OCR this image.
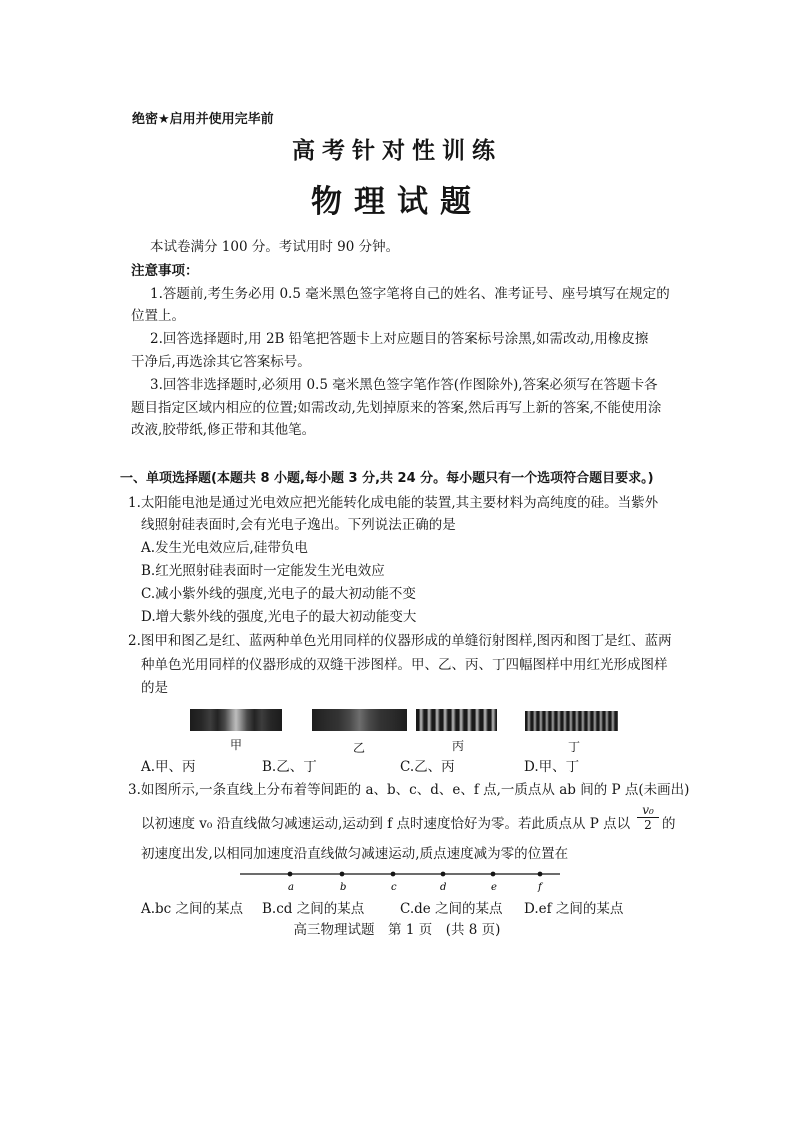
绝密★启用并使用完毕前
高考针对性训练
物理试题
本试卷满分 100 分。考试用时 90 分钟。
注意事项：
1.答题前,考生务必用 0.5 毫米黑色签字笔将自己的姓名、准考证号、座号填写在规定的
位置上。
2.回答选择题时,用 2B 铅笔把答题卡上对应题目的答案标号涂黑,如需改动,用橡皮擦
干净后,再选涂其它答案标号。
3.回答非选择题时,必须用 0.5 毫米黑色签字笔作答(作图除外),答案必须写在答题卡各
题目指定区域内相应的位置;如需改动,先划掉原来的答案,然后再写上新的答案,不能使用涂
改液,胶带纸,修正带和其他笔。
一、单项选择题(本题共 8 小题,每小题 3 分,共 24 分。每小题只有一个选项符合题目要求。)
1.太阳能电池是通过光电效应把光能转化成电能的装置,其主要材料为高纯度的硅。当紫外
线照射硅表面时,会有光电子逸出。下列说法正确的是
A.发生光电效应后,硅带负电
B.红光照射硅表面时一定能发生光电效应
C.减小紫外线的强度,光电子的最大初动能不变
D.增大紫外线的强度,光电子的最大初动能变大
2.图甲和图乙是红、蓝两种单色光用同样的仪器形成的单缝衍射图样,图丙和图丁是红、蓝两
种单色光用同样的仪器形成的双缝干涉图样。甲、乙、丙、丁四幅图样中用红光形成图样
的是
甲	乙	丙	丁
A.甲、丙	B.乙、丁	C.乙、丙	D.甲、丁
3.如图所示,一条直线上分布着等间距的 a、b、c、d、e、f 点,一质点从 ab 间的 P 点(未画出)
以初速度 v₀ 沿直线做匀减速运动,运动到 f 点时速度恰好为零。若此质点从 P 点以 $\frac{\text{v₀}}{2}$ 的
初速度出发,以相同加速度沿直线做匀减速运动,质点速度减为零的位置在
a	b	c	d	e	f
A.bc 之间的某点 B.cd 之间的某点	C.de 之间的某点 D.ef 之间的某点
高三物理试题　第 1 页　(共 8 页)
